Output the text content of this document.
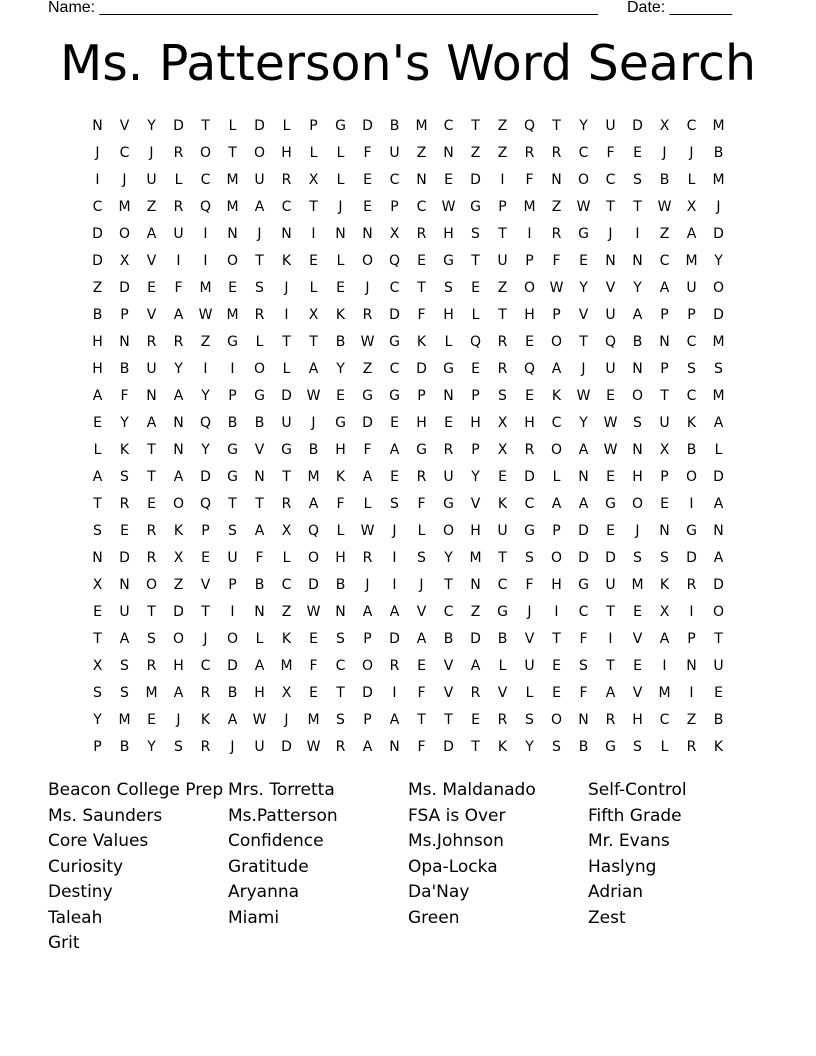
Name: ________________________________________________________ Date: _______
Ms. Patterson's Word Search
N	V	Y	D	T	L	D	L	P	G	D	B	M	C	T	Z	Q	T	Y	U	D	X	C	M
J	C	J	R	O	T	O	H	L	L	F	U	Z	N	Z	Z	R	R	C	F	E	J	J	B
I	J	U	L	C	M	U	R	X	L	E	C	N	E	D	I	F	N	O	C	S	B	L	M
C	M	Z	R	Q	M	A	C	T	J	E	P	C	W	G	P	M	Z	W	T	T	W	X	J
D	O	A	U	I	N	J	N	I	N	N	X	R	H	S	T	I	R	G	J	I	Z	A	D
D	X	V	I	I	O	T	K	E	L	O	Q	E	G	T	U	P	F	E	N	N	C	M	Y
Z	D	E	F	M	E	S	J	L	E	J	C	T	S	E	Z	O	W	Y	V	Y	A	U	O
B	P	V	A	W	M	R	I	X	K	R	D	F	H	L	T	H	P	V	U	A	P	P	D
H	N	R	R	Z	G	L	T	T	B	W	G	K	L	Q	R	E	O	T	Q	B	N	C	M
H	B	U	Y	I	I	O	L	A	Y	Z	C	D	G	E	R	Q	A	J	U	N	P	S	S
A	F	N	A	Y	P	G	D	W	E	G	G	P	N	P	S	E	K	W	E	O	T	C	M
E	Y	A	N	Q	B	B	U	J	G	D	E	H	E	H	X	H	C	Y	W	S	U	K	A
L	K	T	N	Y	G	V	G	B	H	F	A	G	R	P	X	R	O	A	W	N	X	B	L
A	S	T	A	D	G	N	T	M	K	A	E	R	U	Y	E	D	L	N	E	H	P	O	D
T	R	E	O	Q	T	T	R	A	F	L	S	F	G	V	K	C	A	A	G	O	E	I	A
S	E	R	K	P	S	A	X	Q	L	W	J	L	O	H	U	G	P	D	E	J	N	G	N
N	D	R	X	E	U	F	L	O	H	R	I	S	Y	M	T	S	O	D	D	S	S	D	A
X	N	O	Z	V	P	B	C	D	B	J	I	J	T	N	C	F	H	G	U	M	K	R	D
E	U	T	D	T	I	N	Z	W	N	A	A	V	C	Z	G	J	I	C	T	E	X	I	O
T	A	S	O	J	O	L	K	E	S	P	D	A	B	D	B	V	T	F	I	V	A	P	T
X	S	R	H	C	D	A	M	F	C	O	R	E	V	A	L	U	E	S	T	E	I	N	U
S	S	M	A	R	B	H	X	E	T	D	I	F	V	R	V	L	E	F	A	V	M	I	E
Y	M	E	J	K	A	W	J	M	S	P	A	T	T	E	R	S	O	N	R	H	C	Z	B
P	B	Y	S	R	J	U	D	W	R	A	N	F	D	T	K	Y	S	B	G	S	L	R	K
Beacon College Prep
Ms. Saunders
Core Values
Curiosity
Destiny
Taleah
Grit
Mrs. Torretta
Ms.Patterson
Confidence
Gratitude
Aryanna
Miami
Ms. Maldanado
FSA is Over
Ms.Johnson
Opa-Locka
Da'Nay
Green
Self-Control
Fifth Grade
Mr. Evans
Haslyng
Adrian
Zest
